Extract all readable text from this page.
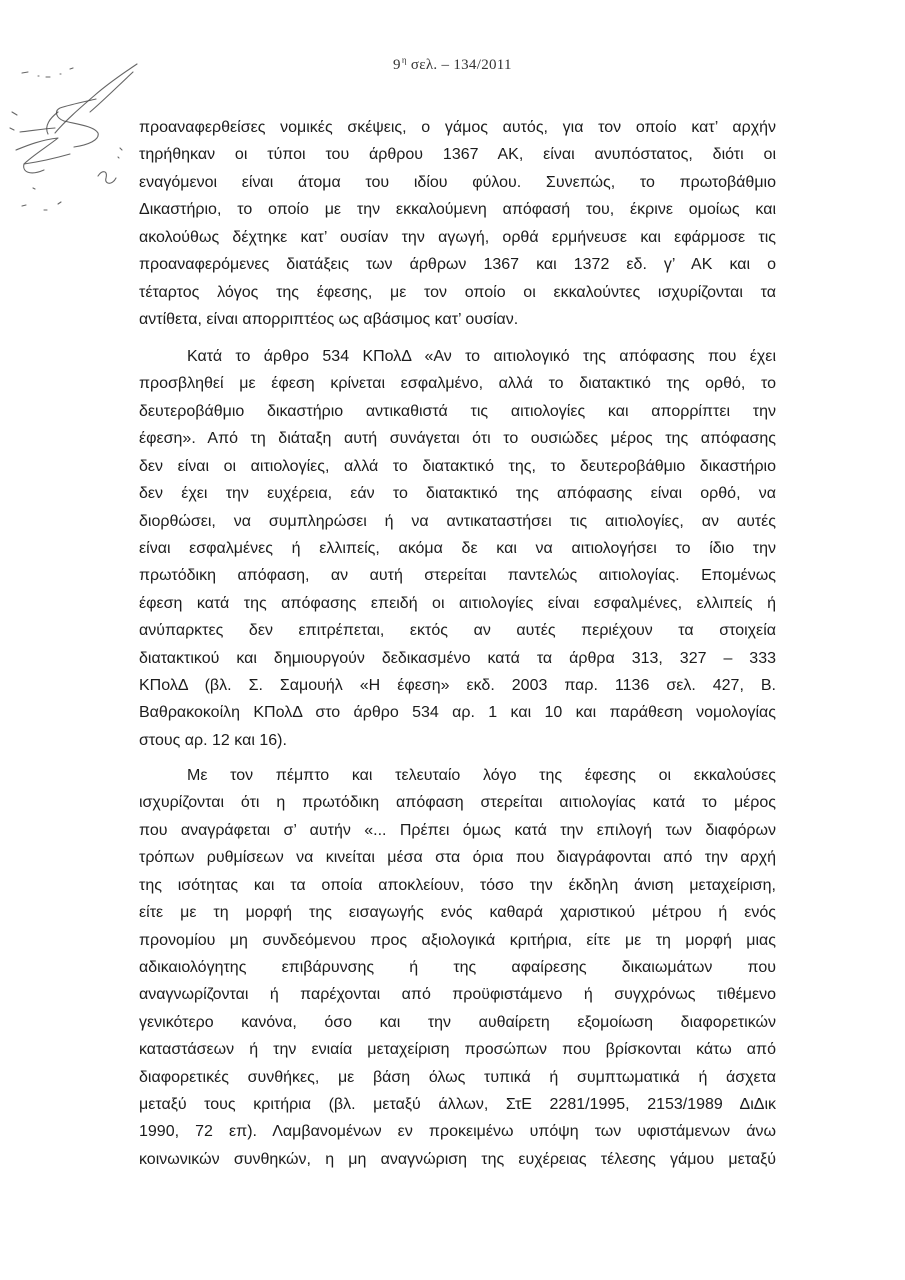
$9^\eta$ σελ. – 134/2011
προαναφερθείσες νομικές σκέψεις, ο γάμος αυτός, για τον οποίο κατ’ αρχήν
τηρήθηκαν οι τύποι του άρθρου 1367 ΑΚ, είναι ανυπόστατος, διότι οι
εναγόμενοι είναι άτομα του ιδίου φύλου. Συνεπώς, το πρωτοβάθμιο
Δικαστήριο, το οποίο με την εκκαλούμενη απόφασή του, έκρινε ομοίως και
ακολούθως δέχτηκε κατ’ ουσίαν την αγωγή, ορθά ερμήνευσε και εφάρμοσε τις
προαναφερόμενες διατάξεις των άρθρων 1367 και 1372 εδ. γ’ ΑΚ και ο
τέταρτος λόγος της έφεσης, με τον οποίο οι εκκαλούντες ισχυρίζονται τα
αντίθετα, είναι απορριπτέος ως αβάσιμος κατ’ ουσίαν.
Κατά το άρθρο 534 ΚΠολΔ «Αν το αιτιολογικό της απόφασης που έχει
προσβληθεί με έφεση κρίνεται εσφαλμένο, αλλά το διατακτικό της ορθό, το
δευτεροβάθμιο δικαστήριο αντικαθιστά τις αιτιολογίες και απορρίπτει την
έφεση». Από τη διάταξη αυτή συνάγεται ότι το ουσιώδες μέρος της απόφασης
δεν είναι οι αιτιολογίες, αλλά το διατακτικό της, το δευτεροβάθμιο δικαστήριο
δεν έχει την ευχέρεια, εάν το διατακτικό της απόφασης είναι ορθό, να
διορθώσει, να συμπληρώσει ή να αντικαταστήσει τις αιτιολογίες, αν αυτές
είναι εσφαλμένες ή ελλιπείς, ακόμα δε και να αιτιολογήσει το ίδιο την
πρωτόδικη απόφαση, αν αυτή στερείται παντελώς αιτιολογίας. Επομένως
έφεση κατά της απόφασης επειδή οι αιτιολογίες είναι εσφαλμένες, ελλιπείς ή
ανύπαρκτες δεν επιτρέπεται, εκτός αν αυτές περιέχουν τα στοιχεία
διατακτικού και δημιουργούν δεδικασμένο κατά τα άρθρα 313, 327 – 333
ΚΠολΔ (βλ. Σ. Σαμουήλ «Η έφεση» εκδ. 2003 παρ. 1136 σελ. 427, Β.
Βαθρακοκοίλη ΚΠολΔ στο άρθρο 534 αρ. 1 και 10 και παράθεση νομολογίας
στους αρ. 12 και 16).
Με τον πέμπτο και τελευταίο λόγο της έφεσης οι εκκαλούσες
ισχυρίζονται ότι η πρωτόδικη απόφαση στερείται αιτιολογίας κατά το μέρος
που αναγράφεται σ’ αυτήν «... Πρέπει όμως κατά την επιλογή των διαφόρων
τρόπων ρυθμίσεων να κινείται μέσα στα όρια που διαγράφονται από την αρχή
της ισότητας και τα οποία αποκλείουν, τόσο την έκδηλη άνιση μεταχείριση,
είτε με τη μορφή της εισαγωγής ενός καθαρά χαριστικού μέτρου ή ενός
προνομίου μη συνδεόμενου προς αξιολογικά κριτήρια, είτε με τη μορφή μιας
αδικαιολόγητης επιβάρυνσης ή της αφαίρεσης δικαιωμάτων που
αναγνωρίζονται ή παρέχονται από προϋφιστάμενο ή συγχρόνως τιθέμενο
γενικότερο κανόνα, όσο και την αυθαίρετη εξομοίωση διαφορετικών
καταστάσεων ή την ενιαία μεταχείριση προσώπων που βρίσκονται κάτω από
διαφορετικές συνθήκες, με βάση όλως τυπικά ή συμπτωματικά ή άσχετα
μεταξύ τους κριτήρια (βλ. μεταξύ άλλων, ΣτΕ 2281/1995, 2153/1989 ΔιΔικ
1990, 72 επ). Λαμβανομένων εν προκειμένω υπόψη των υφιστάμενων άνω
κοινωνικών συνθηκών, η μη αναγνώριση της ευχέρειας τέλεσης γάμου μεταξύ
